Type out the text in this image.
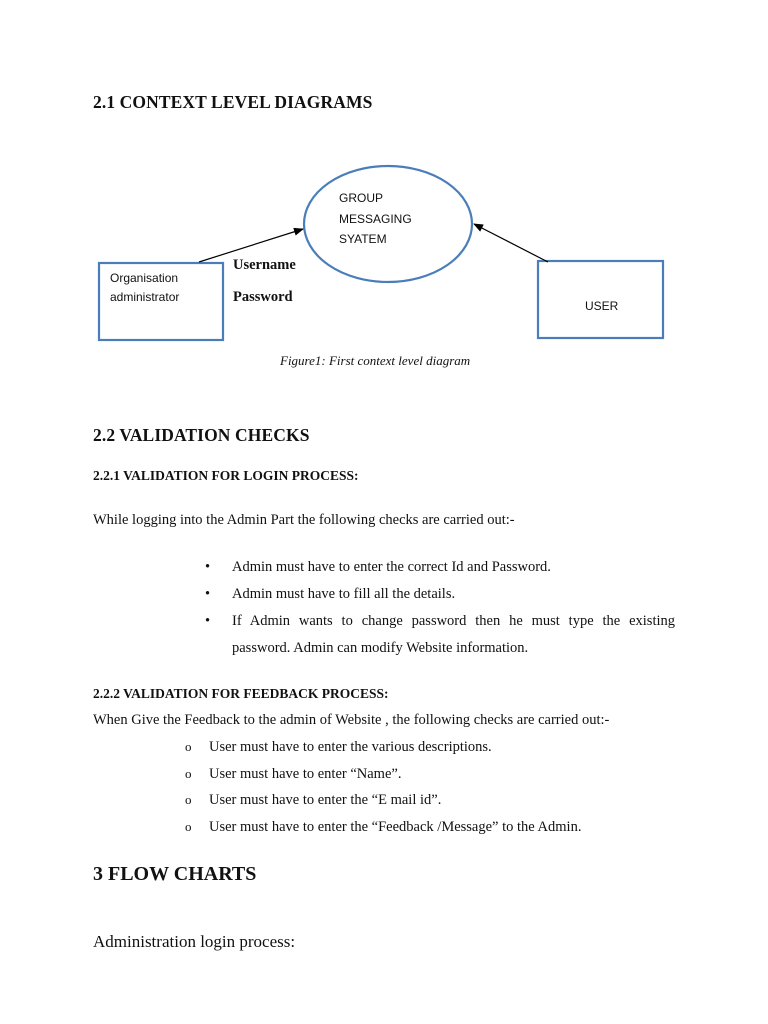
2.1 CONTEXT LEVEL DIAGRAMS
GROUP
MESSAGING
SYATEM
Organisation
administrator
USER
Username
Password
Figure1: First context level diagram
2.2 VALIDATION CHECKS
2.2.1 VALIDATION FOR LOGIN PROCESS:
While logging into the Admin Part the following checks are carried out:-
• Admin must have to enter the correct Id and Password.
• Admin must have to fill all the details.
• If Admin wants to change password then he must type the existing password. Admin can modify Website information.
2.2.2 VALIDATION FOR FEEDBACK PROCESS:
When Give the Feedback to the admin of Website , the following checks are carried out:-
o User must have to enter the various descriptions.
o User must have to enter “Name”.
o User must have to enter the “E mail id”.
o User must have to enter the “Feedback /Message” to the Admin.
3 FLOW CHARTS
Administration login process:
